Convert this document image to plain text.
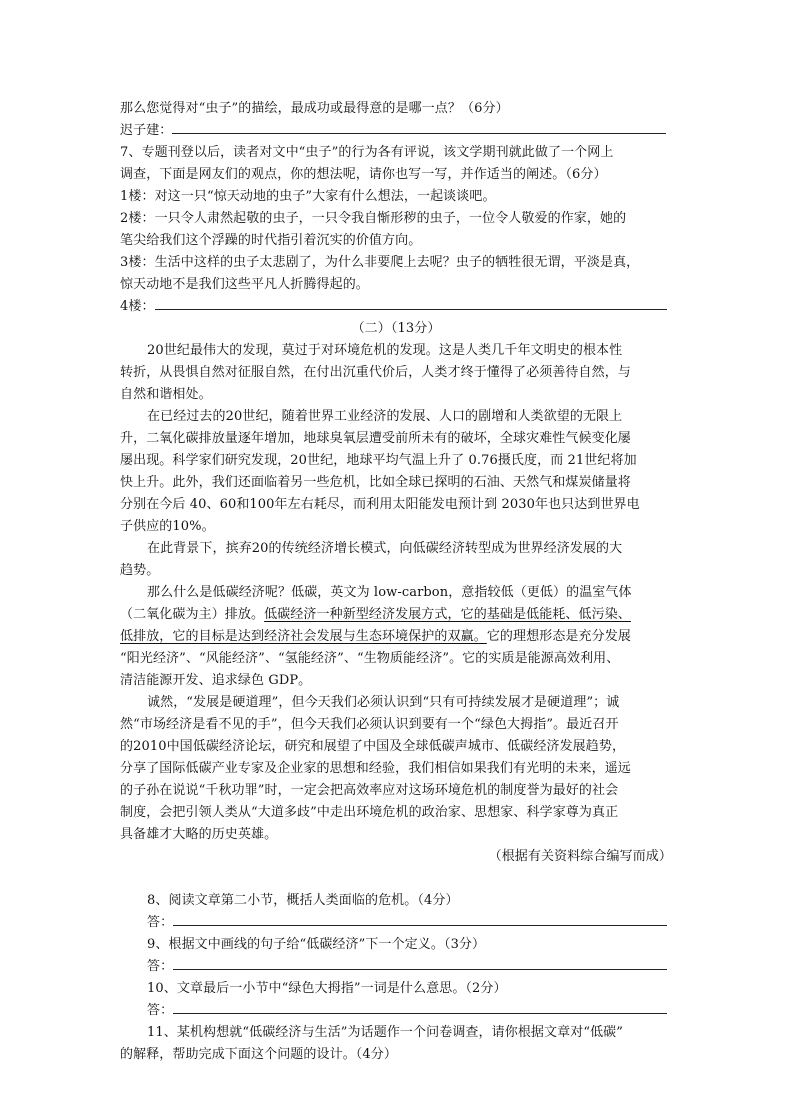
那么您觉得对“虫子”的描绘，最成功或最得意的是哪一点？（6分）
迟子建：
7、专题刊登以后，读者对文中“虫子”的行为各有评说，该文学期刊就此做了一个网上
调查，下面是网友们的观点，你的想法呢，请你也写一写，并作适当的阐述。（6分）
1楼：对这一只“惊天动地的虫子”大家有什么想法，一起谈谈吧。
2楼：一只令人肃然起敬的虫子，一只令我自惭形秽的虫子，一位令人敬爱的作家，她的
笔尖给我们这个浮躁的时代指引着沉实的价值方向。
3楼：生活中这样的虫子太悲剧了，为什么非要爬上去呢？虫子的牺牲很无谓，平淡是真，
惊天动地不是我们这些平凡人折腾得起的。
4楼：
（二）（13分）
20世纪最伟大的发现，莫过于对环境危机的发现。这是人类几千年文明史的根本性
转折，从畏惧自然对征服自然，在付出沉重代价后，人类才终于懂得了必须善待自然，与
自然和谐相处。
在已经过去的20世纪，随着世界工业经济的发展、人口的剧增和人类欲望的无限上
升，二氧化碳排放量逐年增加，地球臭氧层遭受前所未有的破坏，全球灾难性气候变化屡
屡出现。科学家们研究发现，20世纪，地球平均气温上升了 0.76摄氏度，而 21世纪将加
快上升。此外，我们还面临着另一些危机，比如全球已探明的石油、天然气和煤炭储量将
分别在今后 40、60和100年左右耗尽，而利用太阳能发电预计到 2030年也只达到世界电
子供应的10%。
在此背景下，摈弃20的传统经济增长模式，向低碳经济转型成为世界经济发展的大
趋势。
那么什么是低碳经济呢？低碳，英文为 low-carbon，意指较低（更低）的温室气体
（二氧化碳为主）排放。低碳经济一种新型经济发展方式，它的基础是低能耗、低污染、
低排放，它的目标是达到经济社会发展与生态环境保护的双赢。它的理想形态是充分发展
“阳光经济”、“风能经济”、“氢能经济”、“生物质能经济”。它的实质是能源高效利用、
清洁能源开发、追求绿色 GDP。
诚然，“发展是硬道理”，但今天我们必须认识到“只有可持续发展才是硬道理”；诚
然“市场经济是看不见的手”，但今天我们必须认识到要有一个“绿色大拇指”。最近召开
的2010中国低碳经济论坛，研究和展望了中国及全球低碳声城市、低碳经济发展趋势，
分享了国际低碳产业专家及企业家的思想和经验，我们相信如果我们有光明的未来，遥远
的子孙在说说“千秋功罪”时，一定会把高效率应对这场环境危机的制度誉为最好的社会
制度，会把引领人类从“大道多歧”中走出环境危机的政治家、思想家、科学家尊为真正
具备雄才大略的历史英雄。
（根据有关资料综合编写而成）
8、阅读文章第二小节，概括人类面临的危机。（4分）
答：
9、根据文中画线的句子给“低碳经济”下一个定义。（3分）
答：
10、文章最后一小节中“绿色大拇指”一词是什么意思。（2分）
答：
11、某机构想就“低碳经济与生活”为话题作一个问卷调查，请你根据文章对“低碳”
的解释，帮助完成下面这个问题的设计。（4分）
